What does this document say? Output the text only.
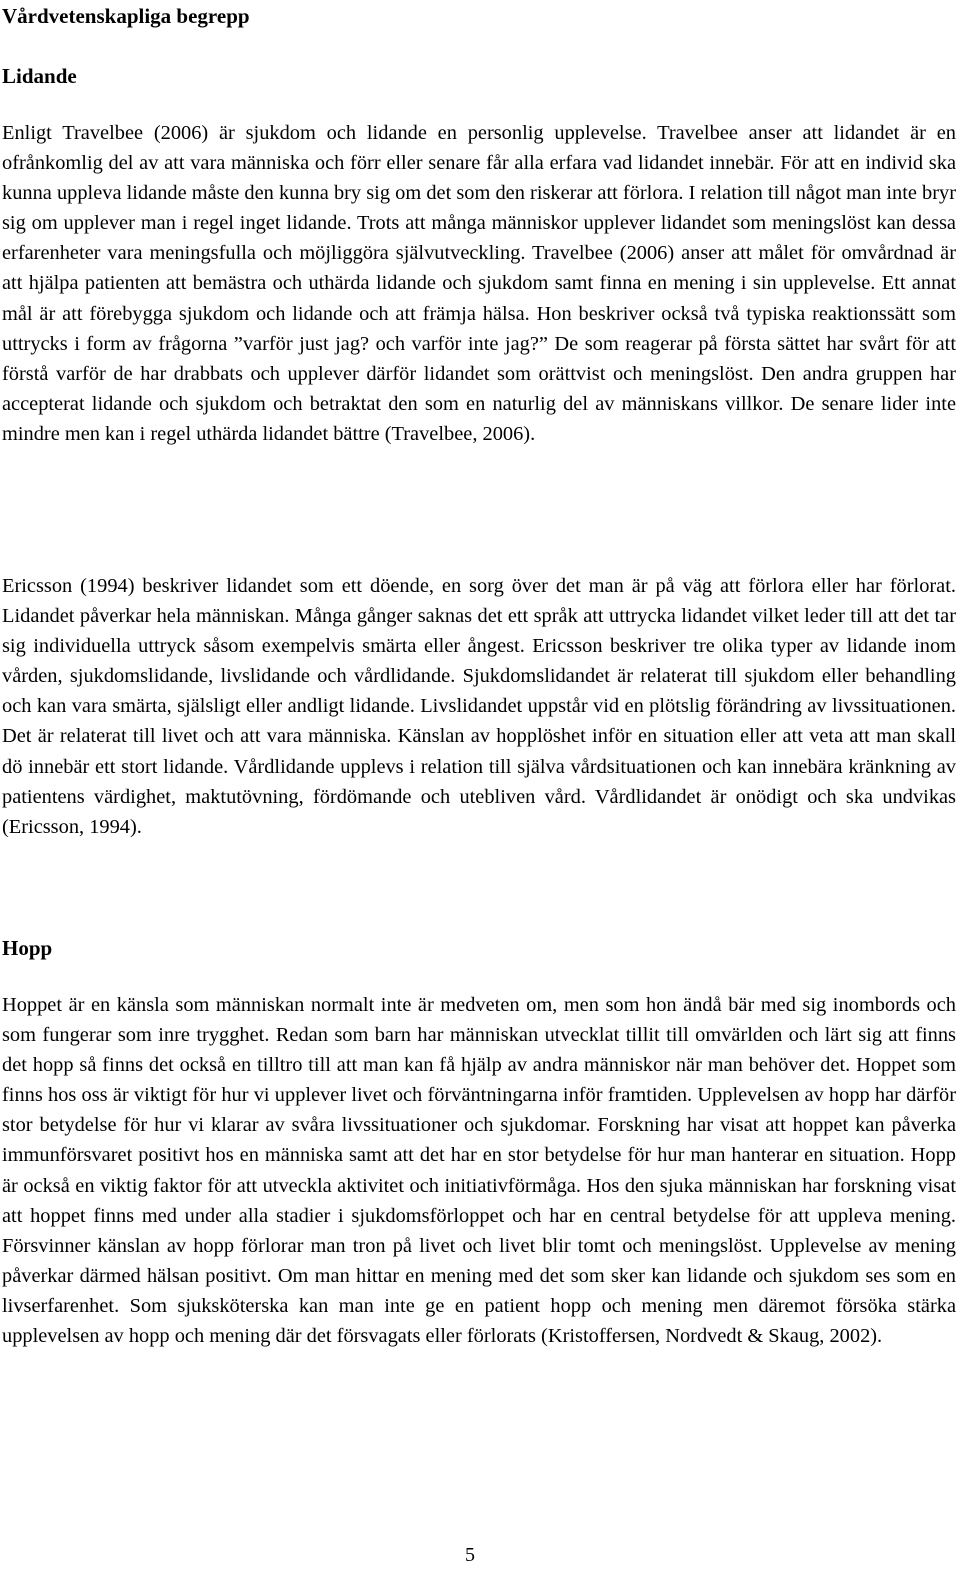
Vårdvetenskapliga begrepp
Lidande

Enligt Travelbee (2006) är sjukdom och lidande en personlig upplevelse. Travelbee anser att lidandet är en ofrånkomlig del av att vara människa och förr eller senare får alla erfara vad lidandet innebär. För att en individ ska kunna uppleva lidande måste den kunna bry sig om det som den riskerar att förlora. I relation till något man inte bryr sig om upplever man i regel inget lidande. Trots att många människor upplever lidandet som meningslöst kan dessa erfarenheter vara meningsfulla och möjliggöra självutveckling. Travelbee (2006) anser att målet för omvårdnad är att hjälpa patienten att bemästra och uthärda lidande och sjukdom samt finna en mening i sin upplevelse. Ett annat mål är att förebygga sjukdom och lidande och att främja hälsa. Hon beskriver också två typiska reaktionssätt som uttrycks i form av frågorna ”varför just jag? och varför inte jag?” De som reagerar på första sättet har svårt för att förstå varför de har drabbats och upplever därför lidandet som orättvist och meningslöst. Den andra gruppen har accepterat lidande och sjukdom och betraktat den som en naturlig del av människans villkor. De senare lider inte mindre men kan i regel uthärda lidandet bättre (Travelbee, 2006).

Ericsson (1994) beskriver lidandet som ett döende, en sorg över det man är på väg att förlora eller har förlorat. Lidandet påverkar hela människan. Många gånger saknas det ett språk att uttrycka lidandet vilket leder till att det tar sig individuella uttryck såsom exempelvis smärta eller ångest. Ericsson beskriver tre olika typer av lidande inom vården, sjukdomslidande, livslidande och vårdlidande. Sjukdomslidandet är relaterat till sjukdom eller behandling och kan vara smärta, själsligt eller andligt lidande. Livslidandet uppstår vid en plötslig förändring av livssituationen. Det är relaterat till livet och att vara människa. Känslan av hopplöshet inför en situation eller att veta att man skall dö innebär ett stort lidande. Vårdlidande upplevs i relation till själva vårdsituationen och kan innebära kränkning av patientens värdighet, maktutövning, fördömande och utebliven vård. Vårdlidandet är onödigt och ska undvikas (Ericsson, 1994).

Hopp

Hoppet är en känsla som människan normalt inte är medveten om, men som hon ändå bär med sig inombords och som fungerar som inre trygghet. Redan som barn har människan utvecklat tillit till omvärlden och lärt sig att finns det hopp så finns det också en tilltro till att man kan få hjälp av andra människor när man behöver det. Hoppet som finns hos oss är viktigt för hur vi upplever livet och förväntningarna inför framtiden. Upplevelsen av hopp har därför stor betydelse för hur vi klarar av svåra livssituationer och sjukdomar. Forskning har visat att hoppet kan påverka immunförsvaret positivt hos en människa samt att det har en stor betydelse för hur man hanterar en situation. Hopp är också en viktig faktor för att utveckla aktivitet och initiativförmåga. Hos den sjuka människan har forskning visat att hoppet finns med under alla stadier i sjukdomsförloppet och har en central betydelse för att uppleva mening. Försvinner känslan av hopp förlorar man tron på livet och livet blir tomt och meningslöst. Upplevelse av mening påverkar därmed hälsan positivt. Om man hittar en mening med det som sker kan lidande och sjukdom ses som en livserfarenhet. Som sjuksköterska kan man inte ge en patient hopp och mening men däremot försöka stärka upplevelsen av hopp och mening där det försvagats eller förlorats (Kristoffersen, Nordvedt & Skaug, 2002).

5
